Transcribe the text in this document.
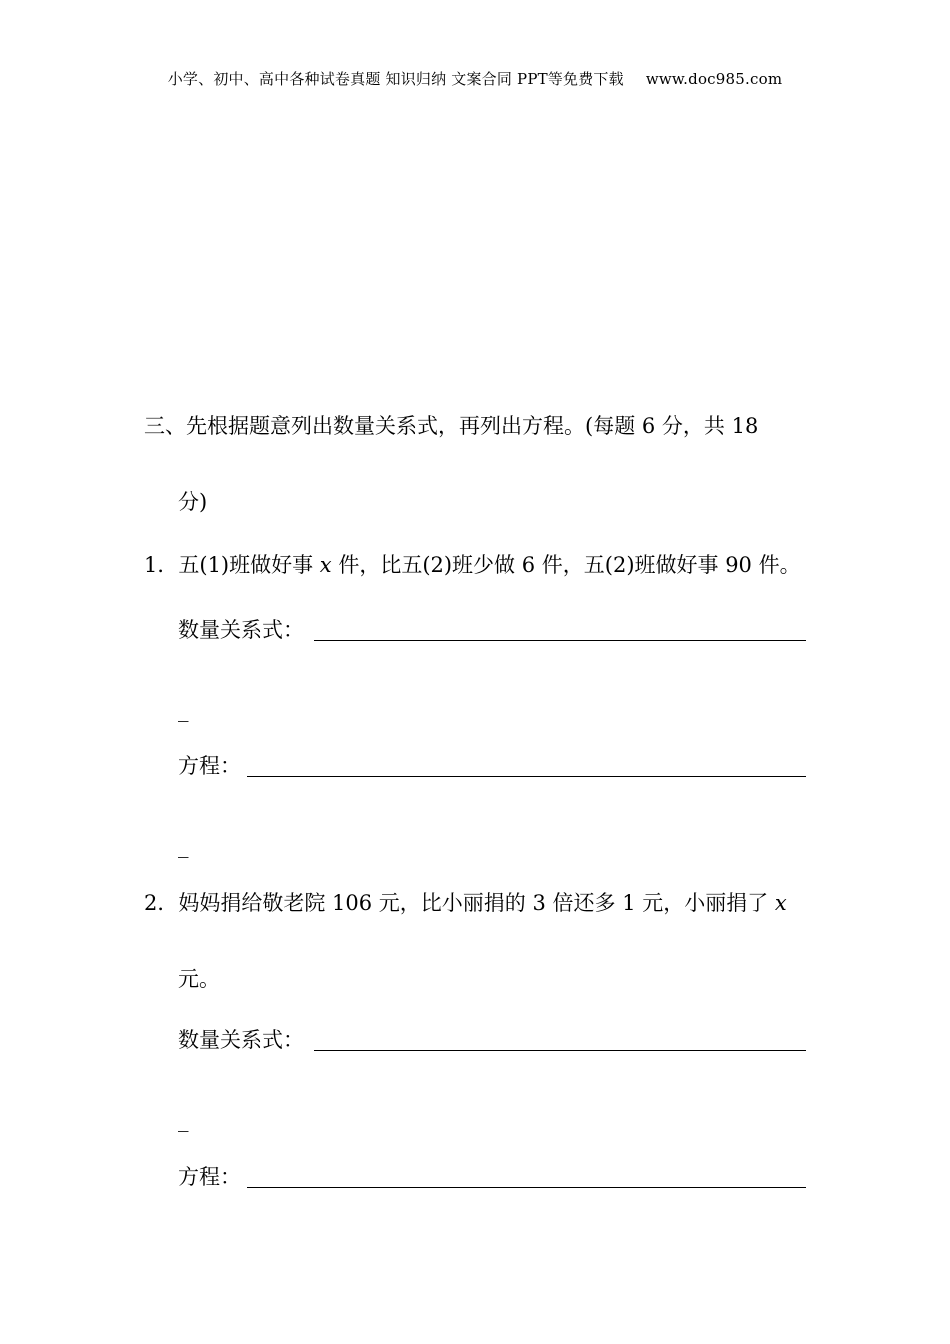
小学、初中、高中各种试卷真题 知识归纳 文案合同 PPT等免费下载 www.doc985.com
三、先根据题意列出数量关系式，再列出方程。(每题 6 分，共 18
分)
1．五(1)班做好事 x 件，比五(2)班少做 6 件，五(2)班做好事 90 件。
数量关系式：
_
方程：
_
2．妈妈捐给敬老院 106 元，比小丽捐的 3 倍还多 1 元，小丽捐了 x
元。
数量关系式：
_
方程：
